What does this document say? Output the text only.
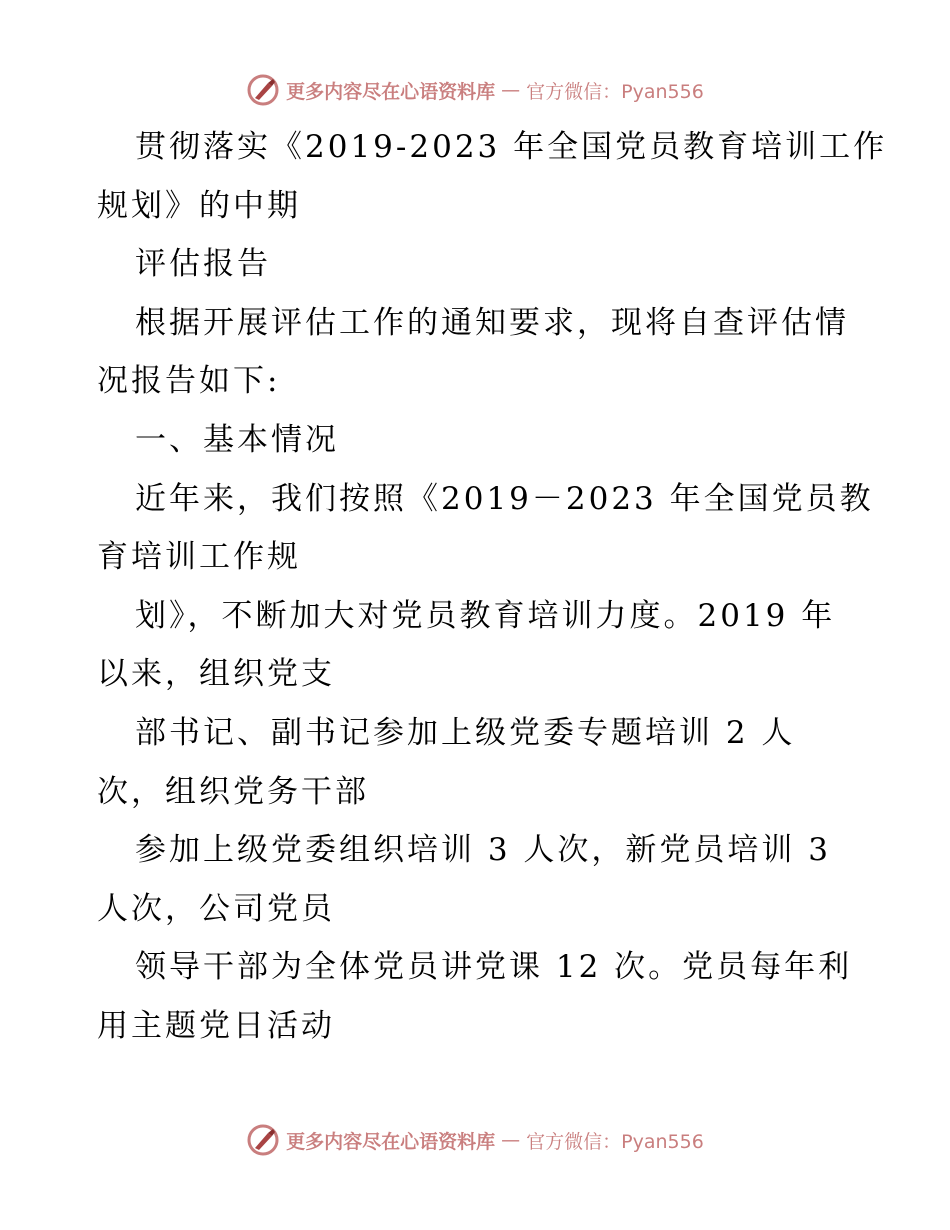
更多内容尽在心语资料库 — 官方微信：Pyan556
贯彻落实《2019-2023 年全国党员教育培训工作
规划》的中期
评估报告
根据开展评估工作的通知要求，现将自查评估情
况报告如下:
一、基本情况
近年来，我们按照《2019－2023 年全国党员教
育培训工作规
划》，不断加大对党员教育培训力度。2019 年
以来，组织党支
部书记、副书记参加上级党委专题培训 2 人
次，组织党务干部
参加上级党委组织培训 3 人次，新党员培训 3
人次，公司党员
领导干部为全体党员讲党课 12 次。党员每年利
用主题党日活动
更多内容尽在心语资料库 — 官方微信：Pyan556
